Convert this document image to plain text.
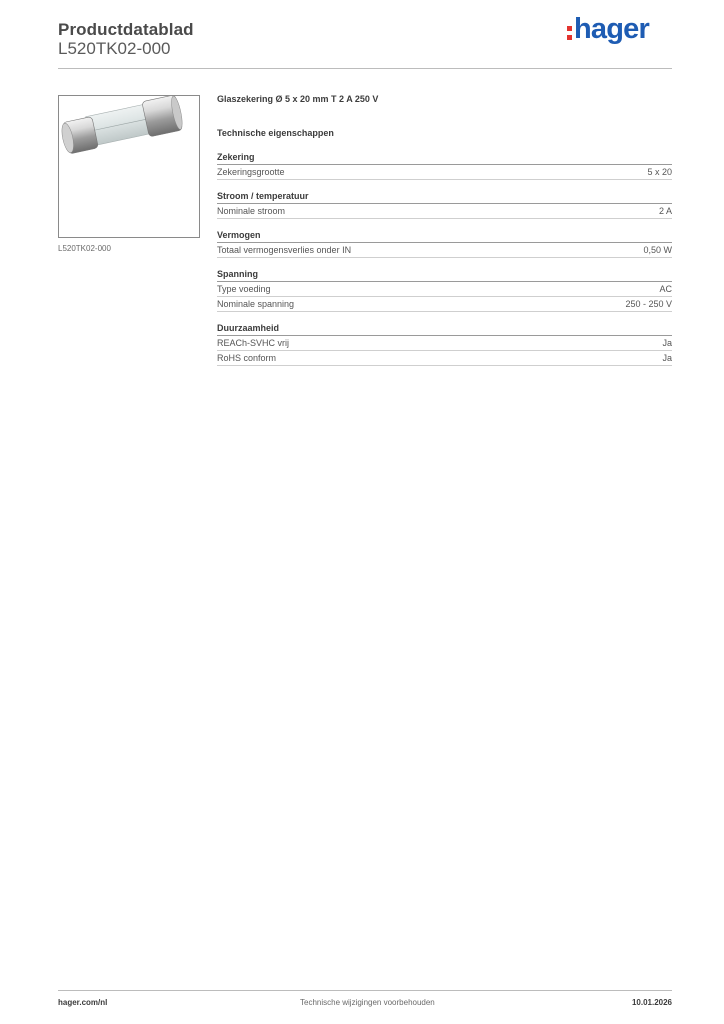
Productdatablad
L520TK02-000
hager
L520TK02-000
Glaszekering Ø 5 x 20 mm T 2 A 250 V
Technische eigenschappen
Zekering
Zekeringsgrootte	5 x 20
Stroom / temperatuur
Nominale stroom	2 A
Vermogen
Totaal vermogensverlies onder IN	0,50 W
Spanning
Type voeding	AC
Nominale spanning	250 - 250 V
Duurzaamheid
REACh-SVHC vrij	Ja
RoHS conform	Ja
hager.com/nl	Technische wijzigingen voorbehouden	10.01.2026
